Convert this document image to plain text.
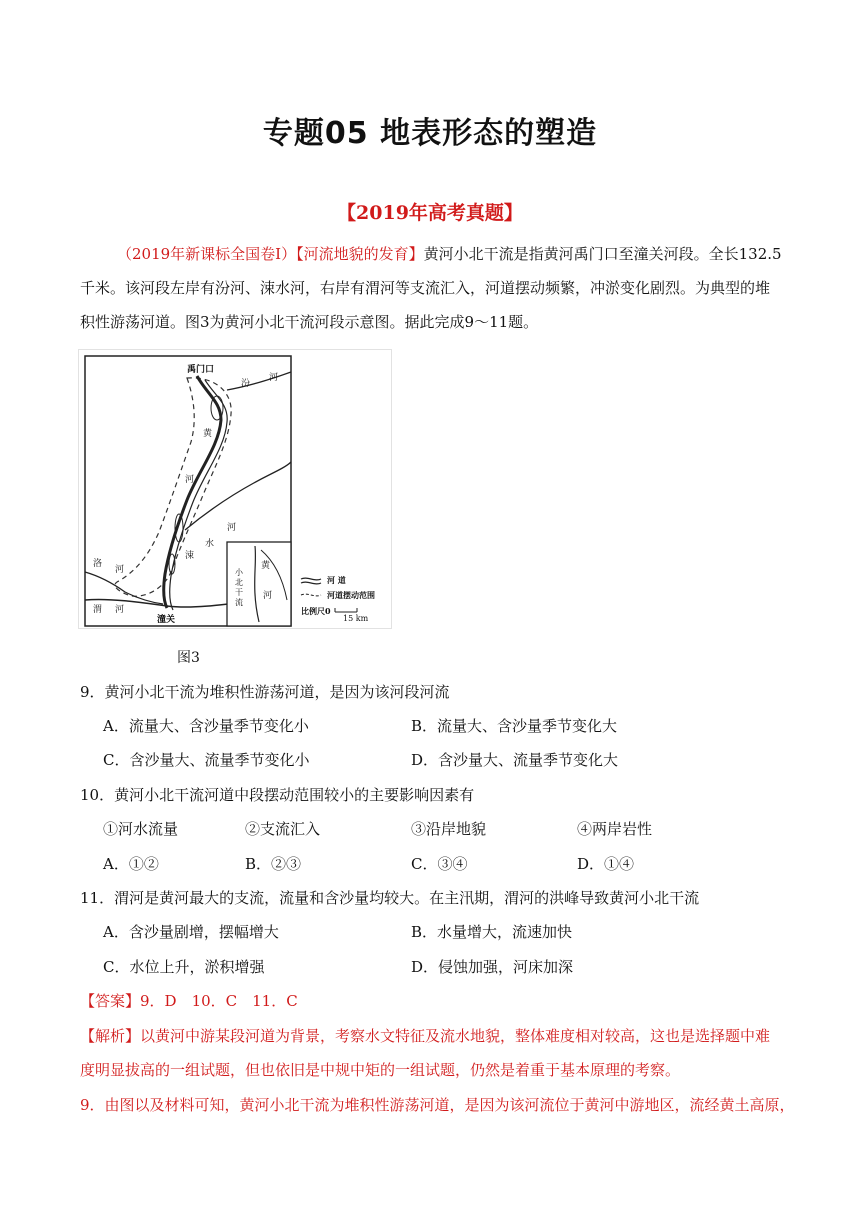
专题05 地表形态的塑造
【2019年高考真题】
（2019年新课标全国卷Ⅰ）【河流地貌的发育】黄河小北干流是指黄河禹门口至潼关河段。全长132.5
千米。该河段左岸有汾河、涑水河，右岸有渭河等支流汇入，河道摆动频繁，冲淤变化剧烈。为典型的堆
积性游荡河道。图3为黄河小北干流河段示意图。据此完成9～11题。
禹门口
汾
河
黄
河
河
涑
水
洛
河
渭 河
潼关
黄
河
小
北
干
流
河 道
河道摆动范围
比例尺0
15 km
图3
9．黄河小北干流为堆积性游荡河道，是因为该河段河流
A．流量大、含沙量季节变化小	B．流量大、含沙量季节变化大
C．含沙量大、流量季节变化小	D．含沙量大、流量季节变化大
10．黄河小北干流河道中段摆动范围较小的主要影响因素有
①河水流量	②支流汇入	③沿岸地貌	④两岸岩性
A．①②	B．②③	C．③④	D．①④
11．渭河是黄河最大的支流，流量和含沙量均较大。在主汛期，渭河的洪峰导致黄河小北干流
A．含沙量剧增，摆幅增大	B．水量增大，流速加快
C．水位上升，淤积增强	D．侵蚀加强，河床加深
【答案】9．D　10．C　11．C
【解析】以黄河中游某段河道为背景，考察水文特征及流水地貌，整体难度相对较高，这也是选择题中难
度明显拔高的一组试题，但也依旧是中规中矩的一组试题，仍然是着重于基本原理的考察。
9．由图以及材料可知，黄河小北干流为堆积性游荡河道，是因为该河流位于黄河中游地区，流经黄土高原，
